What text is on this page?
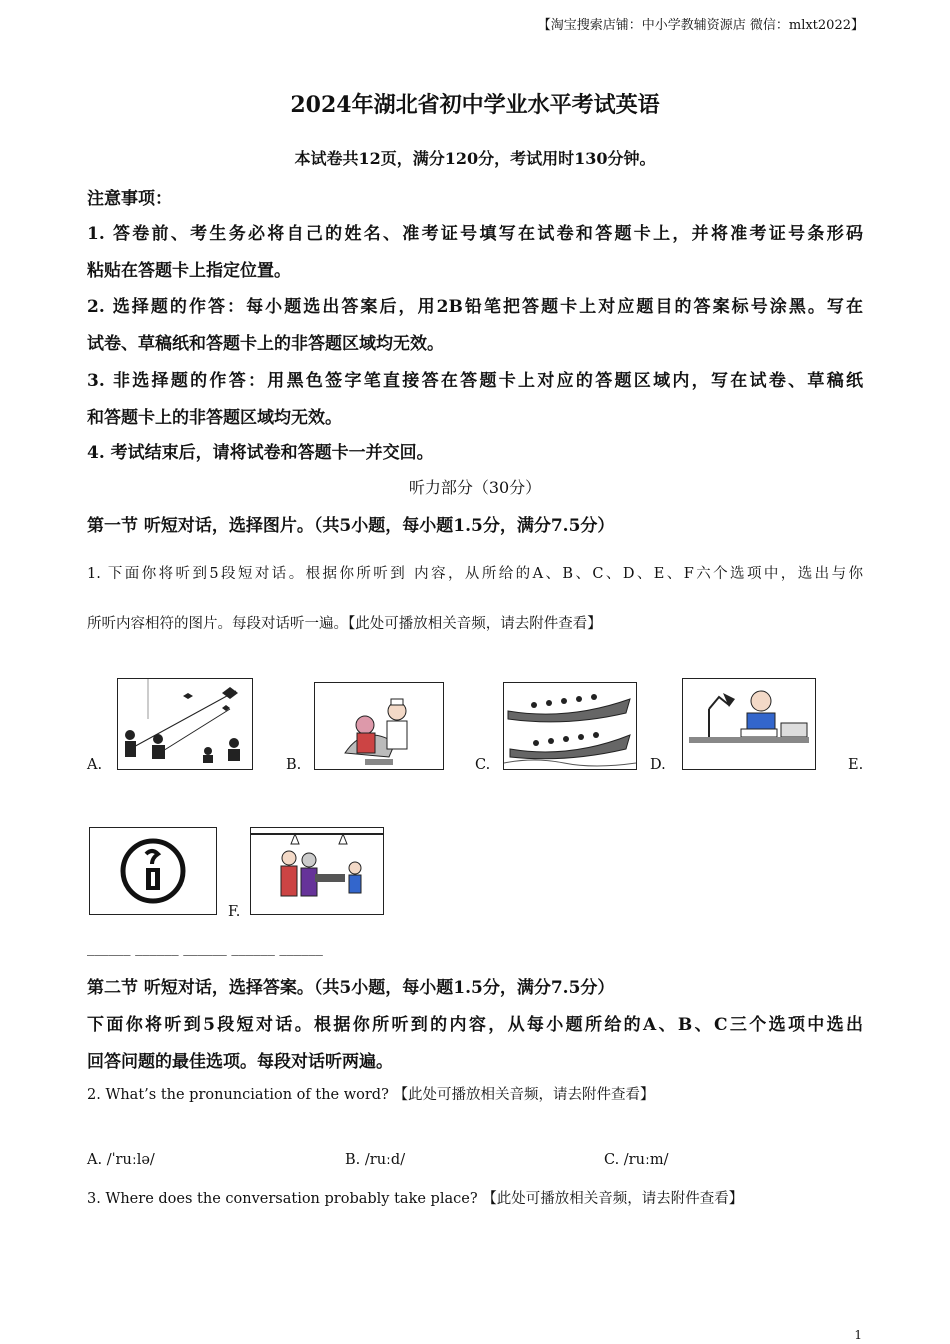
【淘宝搜索店铺：中小学教辅资源店 微信：mlxt2022】
2024年湖北省初中学业水平考试英语
本试卷共12页，满分120分，考试用时130分钟。
注意事项：
1. 答卷前、考生务必将自己的姓名、准考证号填写在试卷和答题卡上，并将准考证号条形码
粘贴在答题卡上指定位置。
2. 选择题的作答：每小题选出答案后，用2B铅笔把答题卡上对应题目的答案标号涂黑。写在
试卷、草稿纸和答题卡上的非答题区域均无效。
3. 非选择题的作答：用黑色签字笔直接答在答题卡上对应的答题区域内，写在试卷、草稿纸
和答题卡上的非答题区域均无效。
4. 考试结束后，请将试卷和答题卡一并交回。
听力部分（30分）
第一节 听短对话，选择图片。（共5小题，每小题1.5分，满分7.5分）
1. 下面你将听到5段短对话。根据你所听到 内容，从所给的A、B、C、D、E、F六个选项中，选出与你
所听内容相符的图片。每段对话听一遍。【此处可播放相关音频，请去附件查看】
A.	B.	C.	D.	E.
F.
______ ______ ______ ______ ______
第二节 听短对话，选择答案。（共5小题，每小题1.5分，满分7.5分）
下面你将听到5段短对话。根据你所听到的内容，从每小题所给的A、B、C三个选项中选出
回答问题的最佳选项。每段对话听两遍。
2. What’s the pronunciation of the word? 【此处可播放相关音频，请去附件查看】
A. /ˈruːlə/	B. /ruːd/	C. /ruːm/
3. Where does the conversation probably take place? 【此处可播放相关音频，请去附件查看】
1
